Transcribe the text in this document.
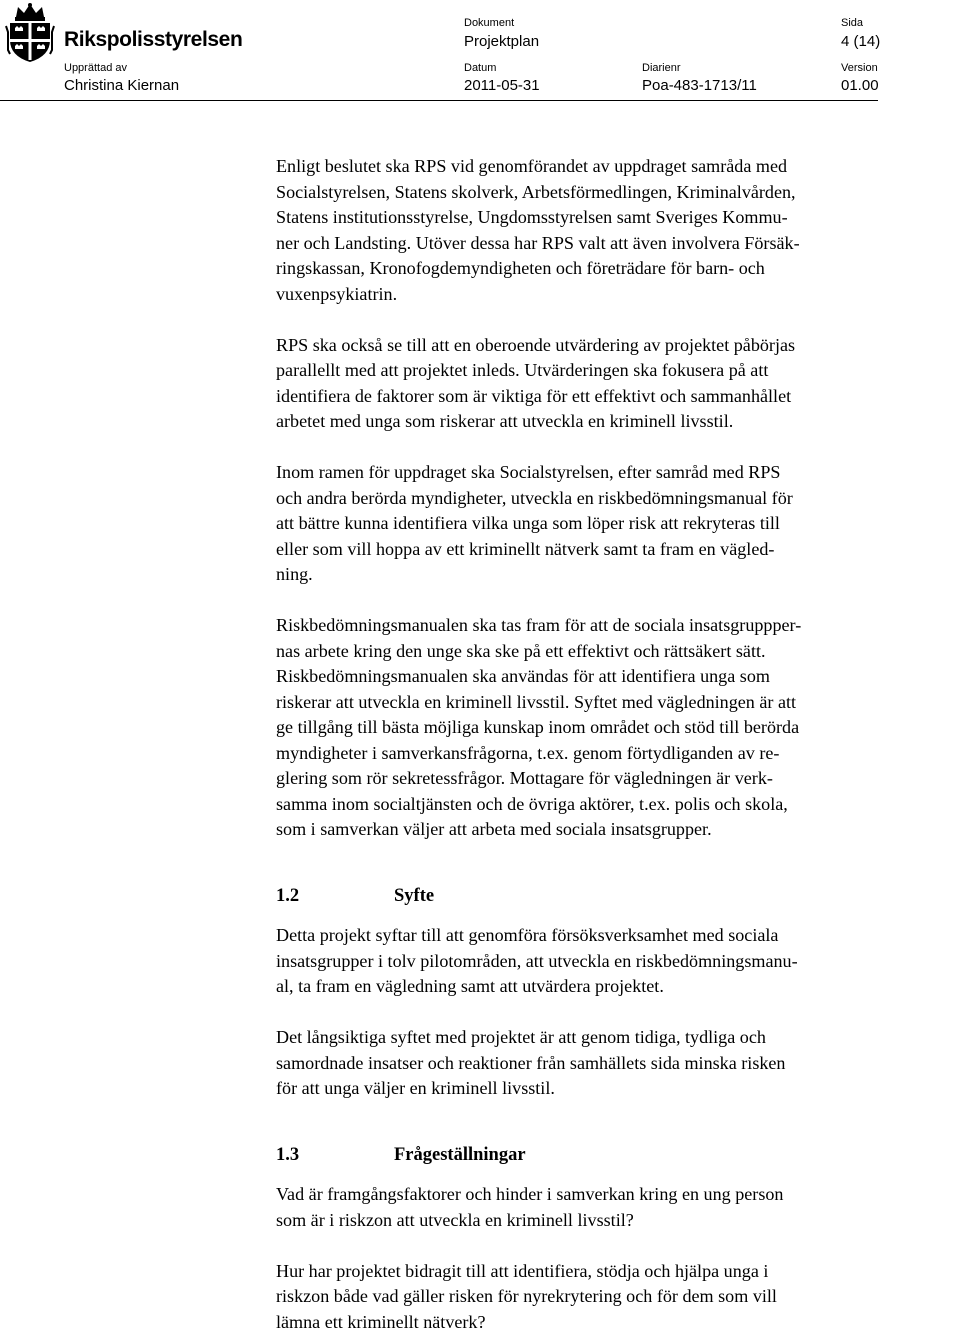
Rikspolisstyrelsen
Dokument
Projektplan
Sida
4 (14)
Upprättad av
Christina Kiernan
Datum
2011-05-31
Diarienr
Poa-483-1713/11
Version
01.00

Enligt beslutet ska RPS vid genomförandet av uppdraget samråda med
Socialstyrelsen, Statens skolverk, Arbetsförmedlingen, Kriminalvården,
Statens institutionsstyrelse, Ungdomsstyrelsen samt Sveriges Kommu-
ner och Landsting. Utöver dessa har RPS valt att även involvera Försäk-
ringskassan, Kronofogdemyndigheten och företrädare för barn- och
vuxenpsykiatrin.

RPS ska också se till att en oberoende utvärdering av projektet påbörjas
parallellt med att projektet inleds. Utvärderingen ska fokusera på att
identifiera de faktorer som är viktiga för ett effektivt och sammanhållet
arbetet med unga som riskerar att utveckla en kriminell livsstil.

Inom ramen för uppdraget ska Socialstyrelsen, efter samråd med RPS
och andra berörda myndigheter, utveckla en riskbedömningsmanual för
att bättre kunna identifiera vilka unga som löper risk att rekryteras till
eller som vill hoppa av ett kriminellt nätverk samt ta fram en vägled-
ning.

Riskbedömningsmanualen ska tas fram för att de sociala insatsgruppper-
nas arbete kring den unge ska ske på ett effektivt och rättsäkert sätt.
Riskbedömningsmanualen ska användas för att identifiera unga som
riskerar att utveckla en kriminell livsstil. Syftet med vägledningen är att
ge tillgång till bästa möjliga kunskap inom området och stöd till berörda
myndigheter i samverkansfrågorna, t.ex. genom förtydliganden av re-
glering som rör sekretessfrågor. Mottagare för vägledningen är verk-
samma inom socialtjänsten och de övriga aktörer, t.ex. polis och skola,
som i samverkan väljer att arbeta med sociala insatsgrupper.

1.2	Syfte

Detta projekt syftar till att genomföra försöksverksamhet med sociala
insatsgrupper i tolv pilotområden, att utveckla en riskbedömningsmanu-
al, ta fram en vägledning samt att utvärdera projektet.

Det långsiktiga syftet med projektet är att genom tidiga, tydliga och
samordnade insatser och reaktioner från samhällets sida minska risken
för att unga väljer en kriminell livsstil.

1.3	Frågeställningar

Vad är framgångsfaktorer och hinder i samverkan kring en ung person
som är i riskzon att utveckla en kriminell livsstil?

Hur har projektet bidragit till att identifiera, stödja och hjälpa unga i
riskzon både vad gäller risken för nyrekrytering och för dem som vill
lämna ett kriminellt nätverk?
